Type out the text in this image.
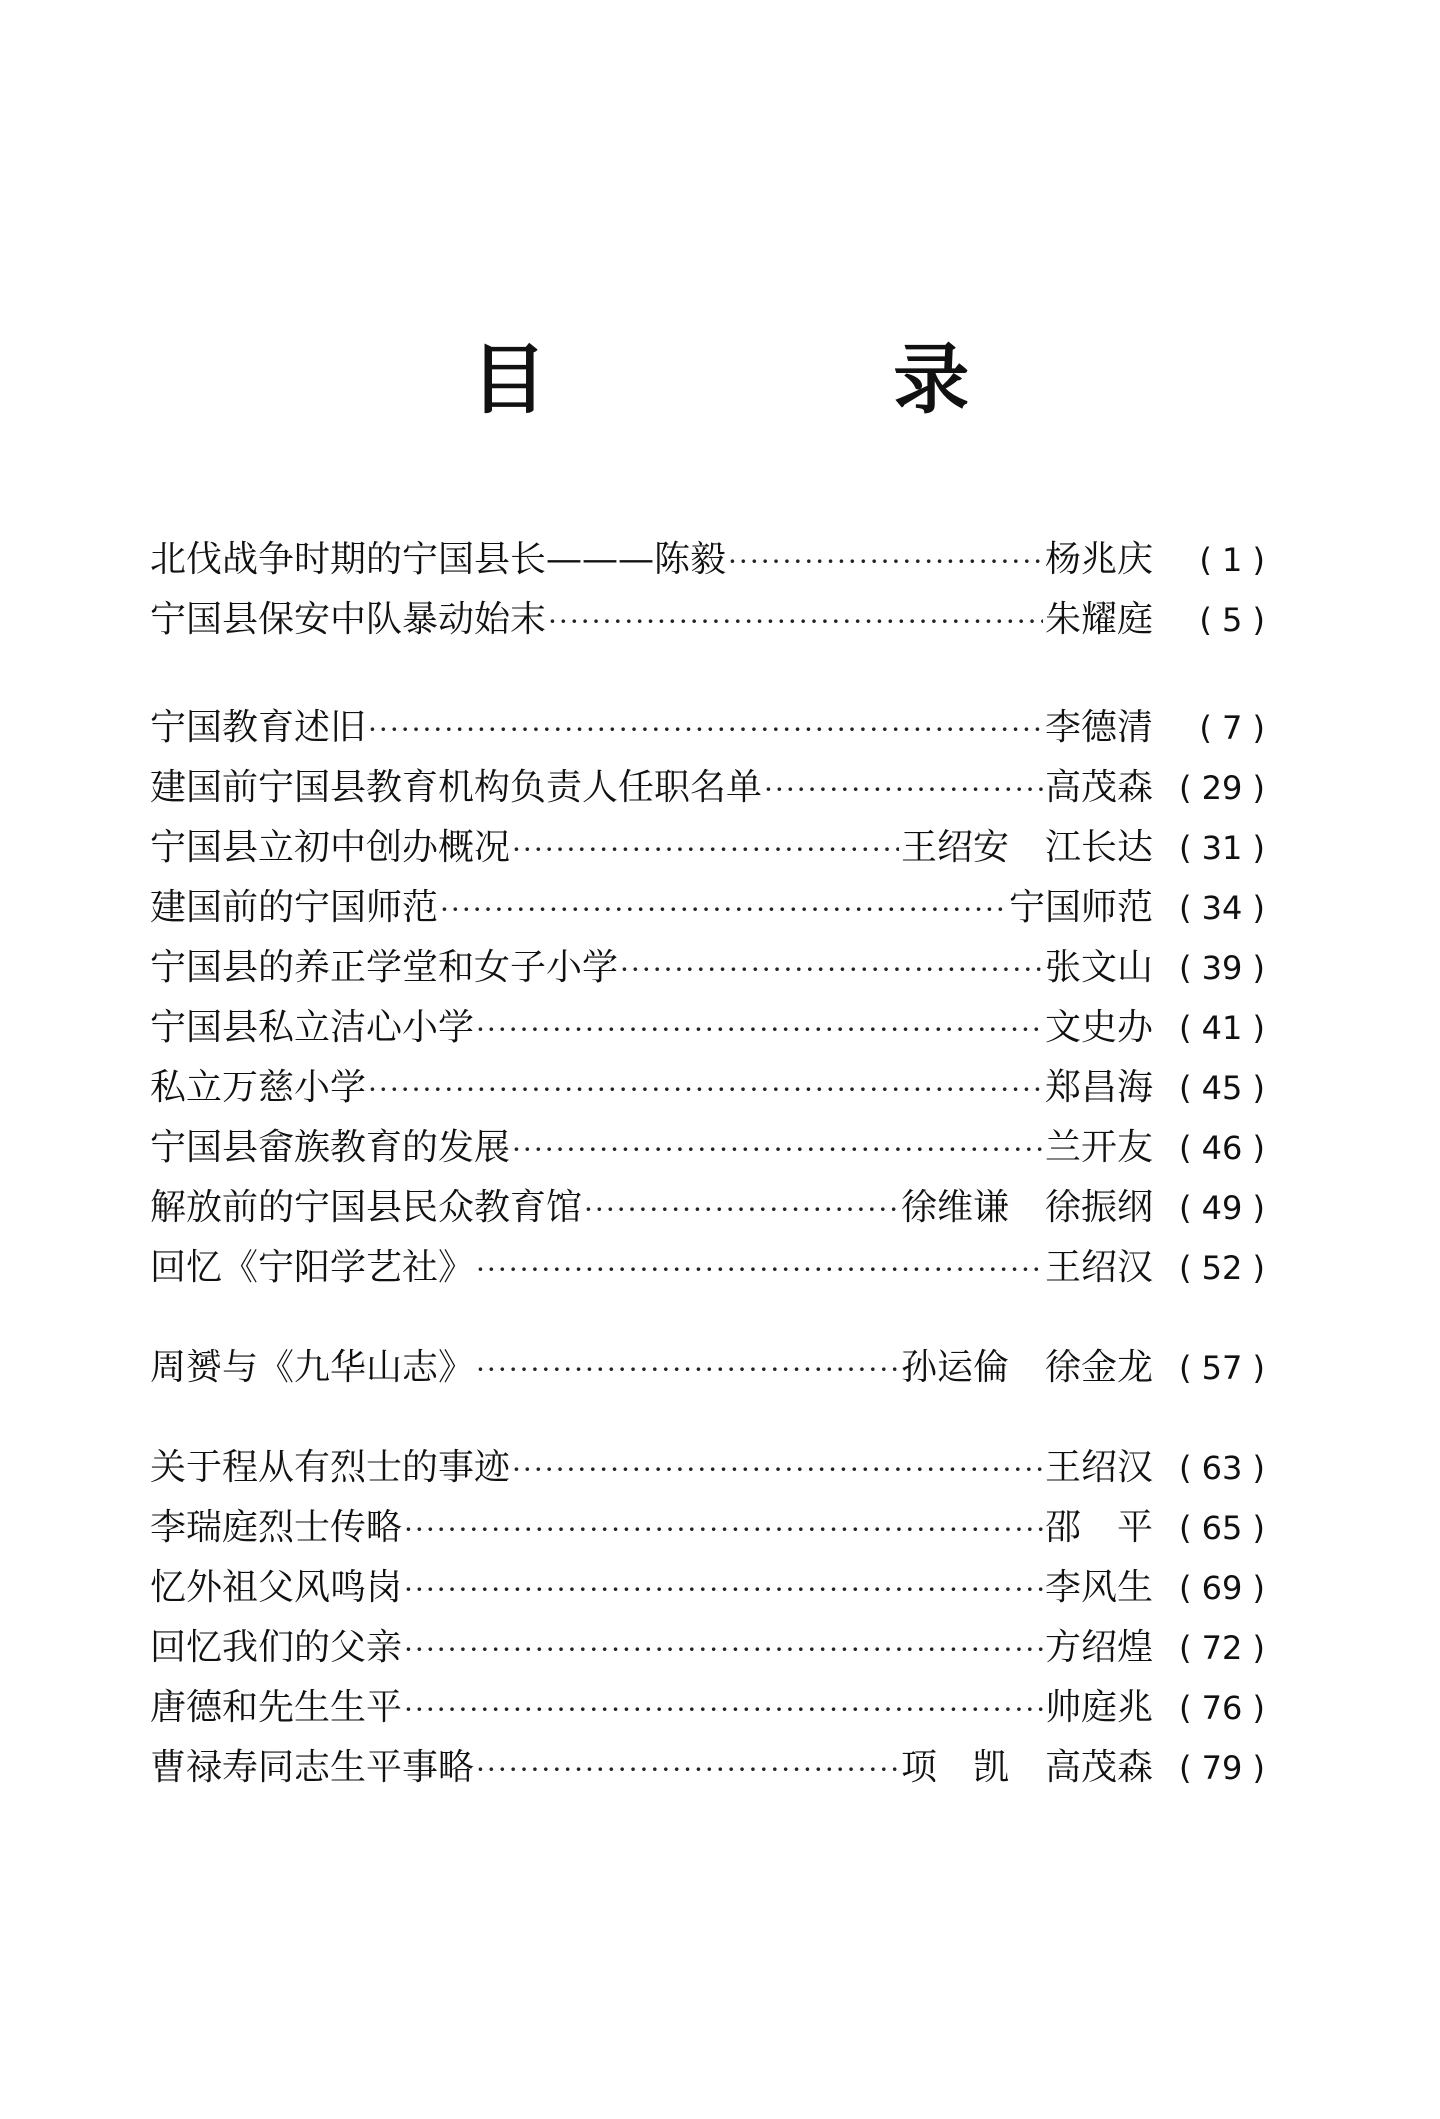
目 录
北伐战争时期的宁国县长———陈毅 ·····	杨兆庆	( 1 )
宁国县保安中队暴动始末 ·····	朱耀庭	( 5 )
宁国教育述旧 ·····	李德清	( 7 )
建国前宁国县教育机构负责人任职名单 ·····	高茂森 ( 29 )
宁国县立初中创办概况 ·····	王绍安　江长达 ( 31 )
建国前的宁国师范 ·····	宁国师范 ( 34 )
宁国县的养正学堂和女子小学 ·····	张文山 ( 39 )
宁国县私立洁心小学 ·····	文史办 ( 41 )
私立万慈小学 ·····	郑昌海 ( 45 )
宁国县畲族教育的发展 ·····	兰开友 ( 46 )
解放前的宁国县民众教育馆 ·····	徐维谦　徐振纲 ( 49 )
回忆《宁阳学艺社》 ·····	王绍汉 ( 52 )
周赟与《九华山志》 ·····	孙运倫　徐金龙 ( 57 )
关于程从有烈士的事迹 ·····	王绍汉 ( 63 )
李瑞庭烈士传略 ·····	邵　平 ( 65 )
忆外祖父风鸣岗 ·····	李风生 ( 69 )
回忆我们的父亲 ·····	方绍煌 ( 72 )
唐德和先生生平 ·····	帅庭兆 ( 76 )
曹禄寿同志生平事略 ·····	项　凯　高茂森 ( 79 )
